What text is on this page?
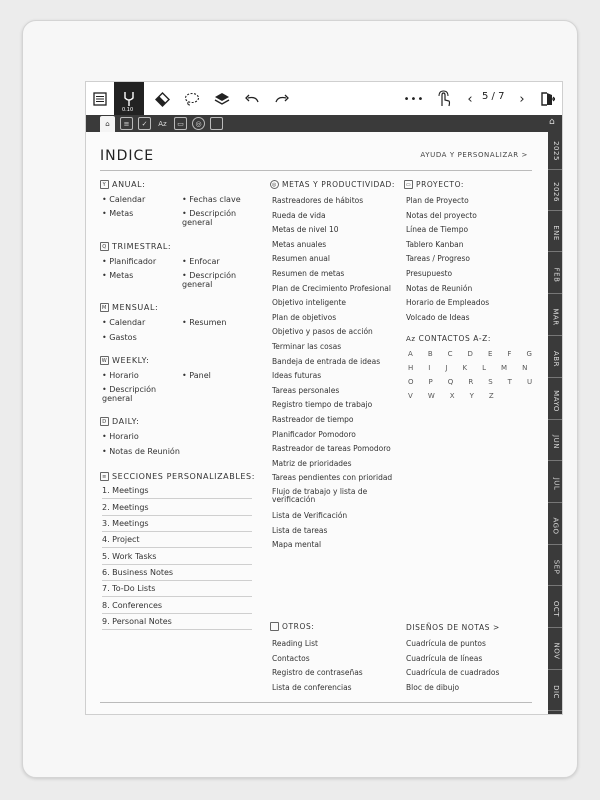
0.10
•••	‹ 5 / 7	›
⌂	≡	✓	Az	▭	◎	⌂
2025
2026
ENE
FEB
MAR
ABR
MAYO
JUN
JUL
AGO
SEP
OCT
NOV
DIC
INDICE	AYUDA Y PERSONALIZAR >
Y ANUAL:
• Calendar
• Metas
• Fechas clave
• Descripción general
Q TRIMESTRAL:
• Planificador
• Metas
• Enfocar
• Descripción general
M MENSUAL:
• Calendar
• Gastos
• Resumen
W WEEKLY:
• Horario
• Descripción general
• Panel
D DAILY:
• Horario
• Notas de Reunión
≡ SECCIONES PERSONALIZABLES:
1. Meetings
2. Meetings
3. Meetings
4. Project
5. Work Tasks
6. Business Notes
7. To-Do Lists
8. Conferences
9. Personal Notes
◎ METAS Y PRODUCTIVIDAD:
Rastreadores de hábitos
Rueda de vida
Metas de nivel 10
Metas anuales
Resumen anual
Resumen de metas
Plan de Crecimiento Profesional
Objetivo inteligente
Plan de objetivos
Objetivo y pasos de acción
Terminar las cosas
Bandeja de entrada de ideas
Ideas futuras
Tareas personales
Registro tiempo de trabajo
Rastreador de tiempo
Planificador Pomodoro
Rastreador de tareas Pomodoro
Matriz de prioridades
Tareas pendientes con prioridad
Flujo de trabajo y lista de verificación
Lista de Verificación
Lista de tareas
Mapa mental
▭ PROYECTO:
Plan de Proyecto
Notas del proyecto
Línea de Tiempo
Tablero Kanban
Tareas / Progreso
Presupuesto
Notas de Reunión
Horario de Empleados
Volcado de Ideas
Az CONTACTOS A-Z:
A B C D E F G
H I J K L M N
O P Q R S T U
V W X Y Z
OTROS:
Reading List
Contactos
Registro de contraseñas
Lista de conferencias
DISEÑOS DE NOTAS >
Cuadrícula de puntos
Cuadrícula de líneas
Cuadrícula de cuadrados
Bloc de dibujo
